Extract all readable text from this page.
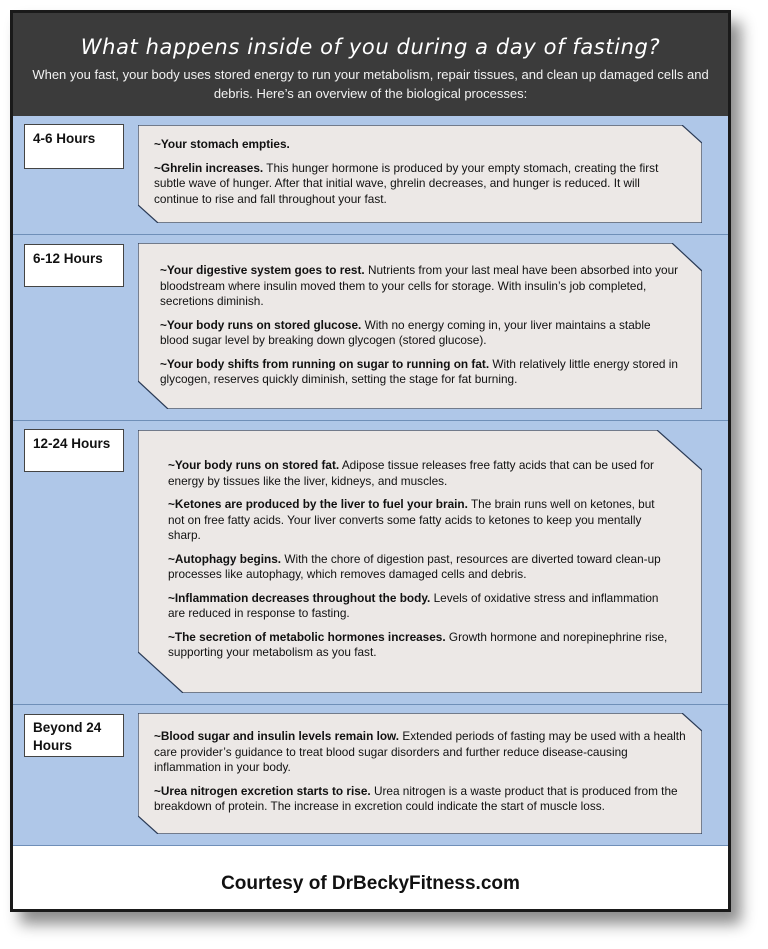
What happens inside of you during a day of fasting?
When you fast, your body uses stored energy to run your metabolism, repair tissues, and clean up damaged cells and debris. Here’s an overview of the biological processes:
4-6 Hours	~Your stomach empties.

~Ghrelin increases. This hunger hormone is produced by your empty stomach, creating the first subtle wave of hunger. After that initial wave, ghrelin decreases, and hunger is reduced. It will continue to rise and fall throughout your fast.

6-12 Hours

~Your digestive system goes to rest. Nutrients from your last meal have been absorbed into your bloodstream where insulin moved them to your cells for storage. With insulin’s job completed, secretions diminish.

~Your body runs on stored glucose. With no energy coming in, your liver maintains a stable blood sugar level by breaking down glycogen (stored glucose).

~Your body shifts from running on sugar to running on fat. With relatively little energy stored in glycogen, reserves quickly diminish, setting the stage for fat burning.

12-24 Hours

~Your body runs on stored fat. Adipose tissue releases free fatty acids that can be used for energy by tissues like the liver, kidneys, and muscles.

~Ketones are produced by the liver to fuel your brain. The brain runs well on ketones, but not on free fatty acids. Your liver converts some fatty acids to ketones to keep you mentally sharp.

~Autophagy begins. With the chore of digestion past, resources are diverted toward clean-up processes like autophagy, which removes damaged cells and debris.

~Inflammation decreases throughout the body. Levels of oxidative stress and inflammation are reduced in response to fasting.

~The secretion of metabolic hormones increases. Growth hormone and norepinephrine rise, supporting your metabolism as you fast.

Beyond 24 Hours

~Blood sugar and insulin levels remain low. Extended periods of fasting may be used with a health care provider’s guidance to treat blood sugar disorders and further reduce disease-causing inflammation in your body.

~Urea nitrogen excretion starts to rise. Urea nitrogen is a waste product that is produced from the breakdown of protein. The increase in excretion could indicate the start of muscle loss.

Courtesy of DrBeckyFitness.com
